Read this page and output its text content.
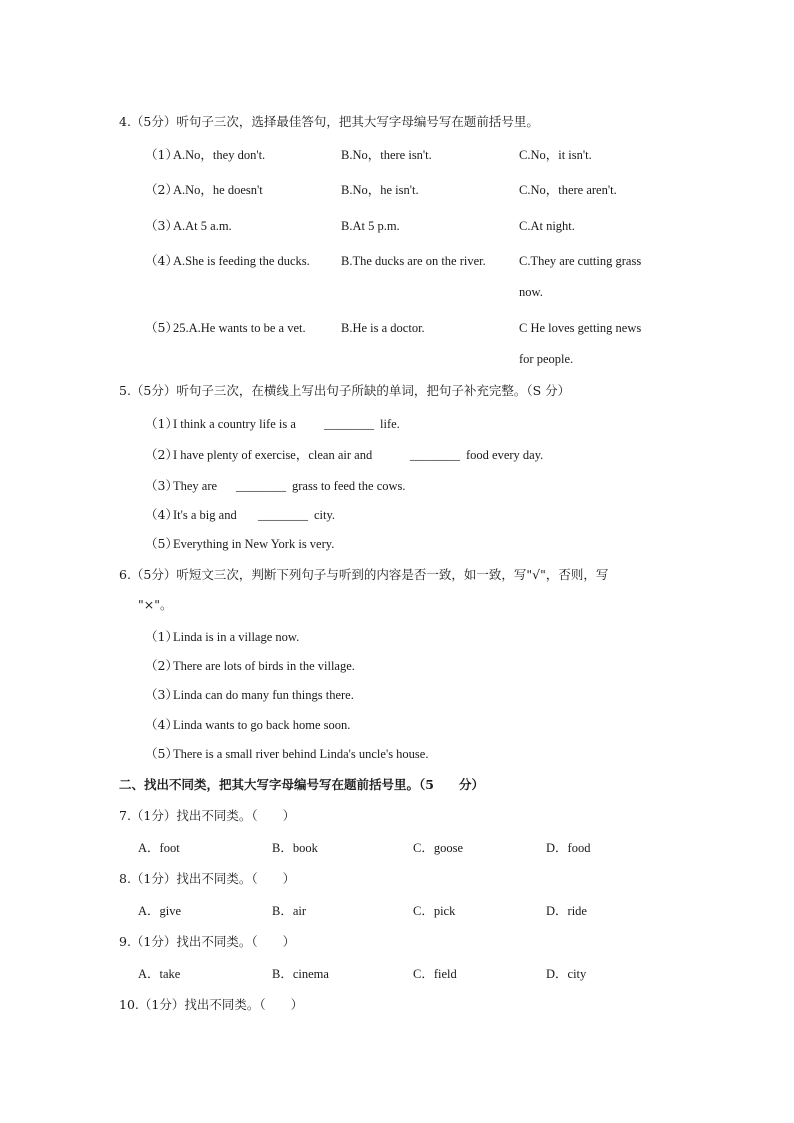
4.（5分）听句子三次，选择最佳答句，把其大写字母编号写在题前括号里。
（1）
A.No，they don't.	B.No，there isn't.	C.No，it isn't.
（2）
A.No，he doesn't	B.No，he isn't.	C.No，there aren't.
（3）
A.At 5 a.m.	B.At 5 p.m.	C.At night.
（4）
A.She is feeding the ducks. B.The ducks are on the river.	C.They are cutting grass
now.
（5）
25.A.He wants to be a vet.	B.He is a doctor.	C He loves getting news
for people.
5.（5分）听句子三次，在横线上写出句子所缺的单词，把句子补充完整。（S 分）
（1）
I think a country life is a ________ life.
（2）
I have plenty of exercise，clean air and	________ food every day.
（3）
They are ________ grass to feed the cows.
（4）
It's a big and ________ city.
（5）
Everything in New York is very.
6.（5分）听短文三次，判断下列句子与听到的内容是否一致，如一致，写"√"，否则，写
"×"。
（1）
Linda is in a village now.
（2）
There are lots of birds in the village.
（3）
Linda can do many fun things there.
（4）
Linda wants to go back home soon.
（5）
There is a small river behind Linda's uncle's house.
二、找出不同类，把其大写字母编号写在题前括号里。（5　　分）
7.（1分）找出不同类。（　　）
A．foot	B．book	C．goose	D．food
8.（1分）找出不同类。（　　）
A．give	B．air	C．pick	D．ride
9.（1分）找出不同类。（　　）
A．take	B．cinema	C．field	D．city
10.（1分）找出不同类。（　　）
